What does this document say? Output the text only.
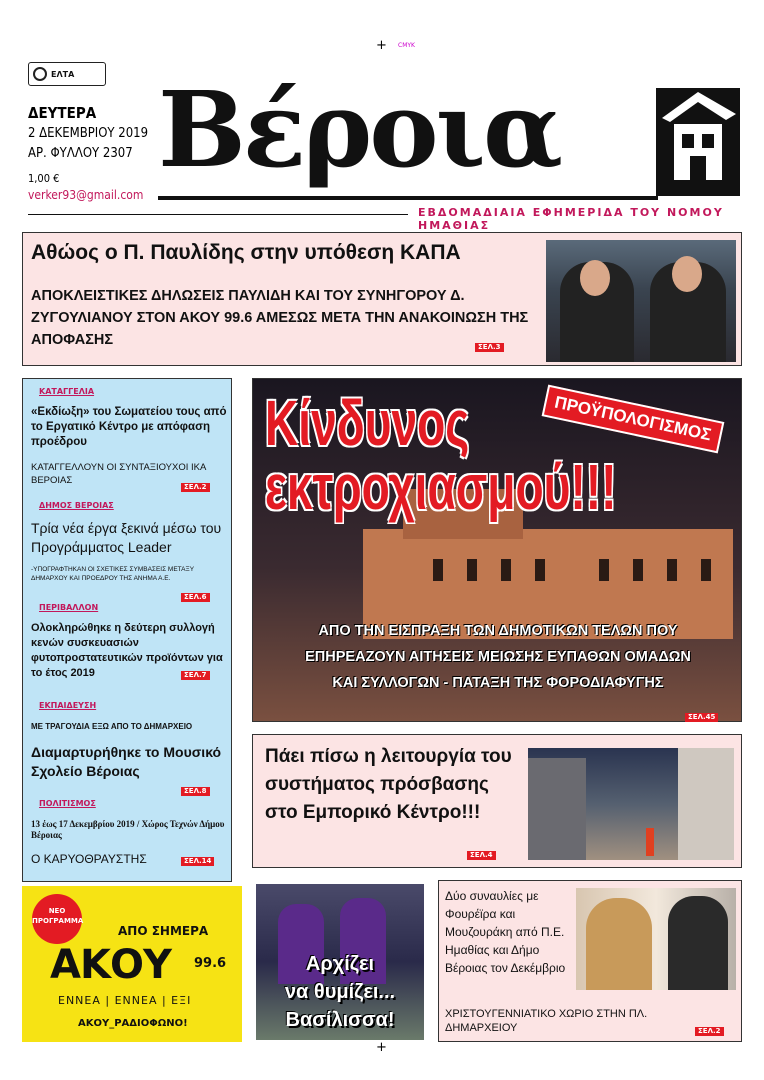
+ CMYK
+
ΕΛΤΑ
ΔΕΥΤΕΡΑ
2 ΔΕΚΕΜΒΡΙΟΥ 2019
ΑΡ. ΦΥΛΛΟΥ 2307
1,00 €
verker93@gmail.com
Βέροια
ΕΒΔΟΜΑΔΙΑΙΑ ΕΦΗΜΕΡΙΔΑ ΤΟΥ ΝΟΜΟΥ ΗΜΑΘΙΑΣ
Αθώος ο Π. Παυλίδης στην υπόθεση ΚΑΠΑ

ΑΠΟΚΛΕΙΣΤΙΚΕΣ ΔΗΛΩΣΕΙΣ ΠΑΥΛΙΔΗ ΚΑΙ ΤΟΥ ΣΥΝΗΓΟΡΟΥ Δ. ΖΥΓΟΥΛΙΑΝΟΥ ΣΤΟΝ ΑΚΟΥ 99.6 ΑΜΕΣΩΣ ΜΕΤΑ ΤΗΝ ΑΝΑΚΟΙΝΩΣΗ ΤΗΣ ΑΠΟΦΑΣΗΣ	ΣΕΛ.3
ΚΑΤΑΓΓΕΛΙΑ
«Εκδίωξη» του Σωματείου τους από το Εργατικό Κέντρο με απόφαση προέδρου
ΚΑΤΑΓΓΕΛΛΟΥΝ ΟΙ ΣΥΝΤΑΞΙΟΥΧΟΙ ΙΚΑ ΒΕΡΟΙΑΣ
ΣΕΛ.2
ΔΗΜΟΣ ΒΕΡΟΙΑΣ
Τρία νέα έργα ξεκινά μέσω του Προγράμματος Leader
-ΥΠΟΓΡΑΦΤΗΚΑΝ ΟΙ ΣΧΕΤΙΚΕΣ ΣΥΜΒΑΣΕΙΣ ΜΕΤΑΞΥ ΔΗΜΑΡΧΟΥ ΚΑΙ ΠΡΟΕΔΡΟΥ ΤΗΣ ΑΝΗΜΑ Α.Ε.
ΣΕΛ.6
ΠΕΡΙΒΑΛΛΟΝ
Ολοκληρώθηκε η δεύτερη συλλογή κενών συσκευασιών φυτοπροστατευτικών προϊόντων για το έτος 2019	ΣΕΛ.7
ΕΚΠΑΙΔΕΥΣΗ
ΜΕ ΤΡΑΓΟΥΔΙΑ ΕΞΩ ΑΠΟ ΤΟ ΔΗΜΑΡΧΕΙΟ
Διαμαρτυρήθηκε το Μουσικό Σχολείο Βέροιας
ΣΕΛ.8
ΠΟΛΙΤΙΣΜΟΣ
13 έως 17 Δεκεμβρίου 2019 / Χώρος Τεχνών Δήμου Βέροιας
Ο ΚΑΡΥΟΘΡΑΥΣΤΗΣ	ΣΕΛ.14
Κίνδυνος
εκτροχιασμού!!!
ΠΡΟΫΠΟΛΟΓΙΣΜΟΣ
ΑΠΟ ΤΗΝ ΕΙΣΠΡΑΞΗ ΤΩΝ ΔΗΜΟΤΙΚΩΝ ΤΕΛΩΝ ΠΟΥ
ΕΠΗΡΕΑΖΟΥΝ ΑΙΤΗΣΕΙΣ ΜΕΙΩΣΗΣ ΕΥΠΑΘΩΝ ΟΜΑΔΩΝ
ΚΑΙ ΣΥΛΛΟΓΩΝ - ΠΑΤΑΞΗ ΤΗΣ ΦΟΡΟΔΙΑΦΥΓΗΣ
ΣΕΛ.45
Πάει πίσω η λειτουργία του συστήματος πρόσβασης στο Εμπορικό Κέντρο!!!
ΣΕΛ.4
ΝΕΟ ΠΡΟΓΡΑΜΜΑ
ΑΠΟ ΣΗΜΕΡΑ
ΑΚΟΥ 99.6
ΕΝΝΕΑ | ΕΝΝΕΑ | ΕΞΙ
ΑΚΟΥ_ΡΑΔΙΟΦΩΝΟ!
Αρχίζει
να θυμίζει...
Βασίλισσα!
Δύο συναυλίες με Φουρέϊρα και Μουζουράκη από Π.Ε. Ημαθίας και Δήμο Βέροιας τον Δεκέμβριο
ΧΡΙΣΤΟΥΓΕΝΝΙΑΤΙΚΟ ΧΩΡΙΟ ΣΤΗΝ ΠΛ. ΔΗΜΑΡΧΕΙΟΥ	ΣΕΛ.2
